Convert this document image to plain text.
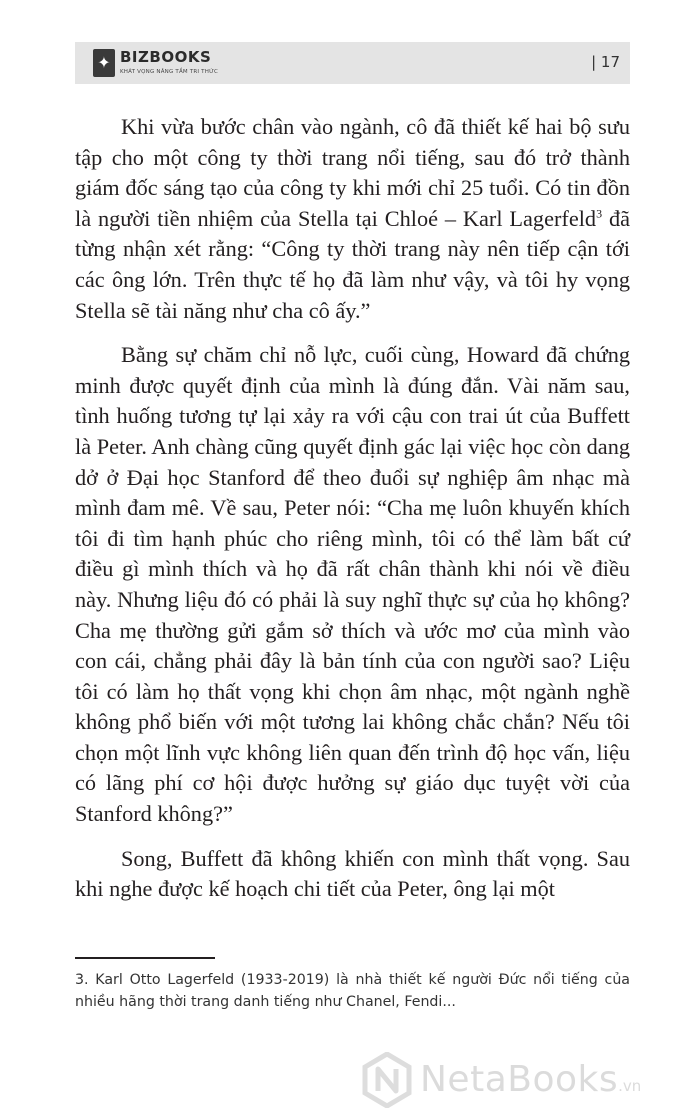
✦ BIZBOOKS
KHÁT VỌNG NÂNG TẦM TRI THỨC
| 17

Khi vừa bước chân vào ngành, cô đã thiết kế hai bộ sưu tập cho một công ty thời trang nổi tiếng, sau đó trở thành giám đốc sáng tạo của công ty khi mới chỉ 25 tuổi. Có tin đồn là người tiền nhiệm của Stella tại Chloé – Karl Lagerfeld$^3$ đã từng nhận xét rằng: “Công ty thời trang này nên tiếp cận tới các ông lớn. Trên thực tế họ đã làm như vậy, và tôi hy vọng Stella sẽ tài năng như cha cô ấy.”

Bằng sự chăm chỉ nỗ lực, cuối cùng, Howard đã chứng minh được quyết định của mình là đúng đắn. Vài năm sau, tình huống tương tự lại xảy ra với cậu con trai út của Buffett là Peter. Anh chàng cũng quyết định gác lại việc học còn dang dở ở Đại học Stanford để theo đuổi sự nghiệp âm nhạc mà mình đam mê. Về sau, Peter nói: “Cha mẹ luôn khuyến khích tôi đi tìm hạnh phúc cho riêng mình, tôi có thể làm bất cứ điều gì mình thích và họ đã rất chân thành khi nói về điều này. Nhưng liệu đó có phải là suy nghĩ thực sự của họ không? Cha mẹ thường gửi gắm sở thích và ước mơ của mình vào con cái, chẳng phải đây là bản tính của con người sao? Liệu tôi có làm họ thất vọng khi chọn âm nhạc, một ngành nghề không phổ biến với một tương lai không chắc chắn? Nếu tôi chọn một lĩnh vực không liên quan đến trình độ học vấn, liệu có lãng phí cơ hội được hưởng sự giáo dục tuyệt vời của Stanford không?”

Song, Buffett đã không khiến con mình thất vọng. Sau khi nghe được kế hoạch chi tiết của Peter, ông lại một

3. Karl Otto Lagerfeld (1933-2019) là nhà thiết kế người Đức nổi tiếng của nhiều hãng thời trang danh tiếng như Chanel, Fendi...
NetaBooks.vn
